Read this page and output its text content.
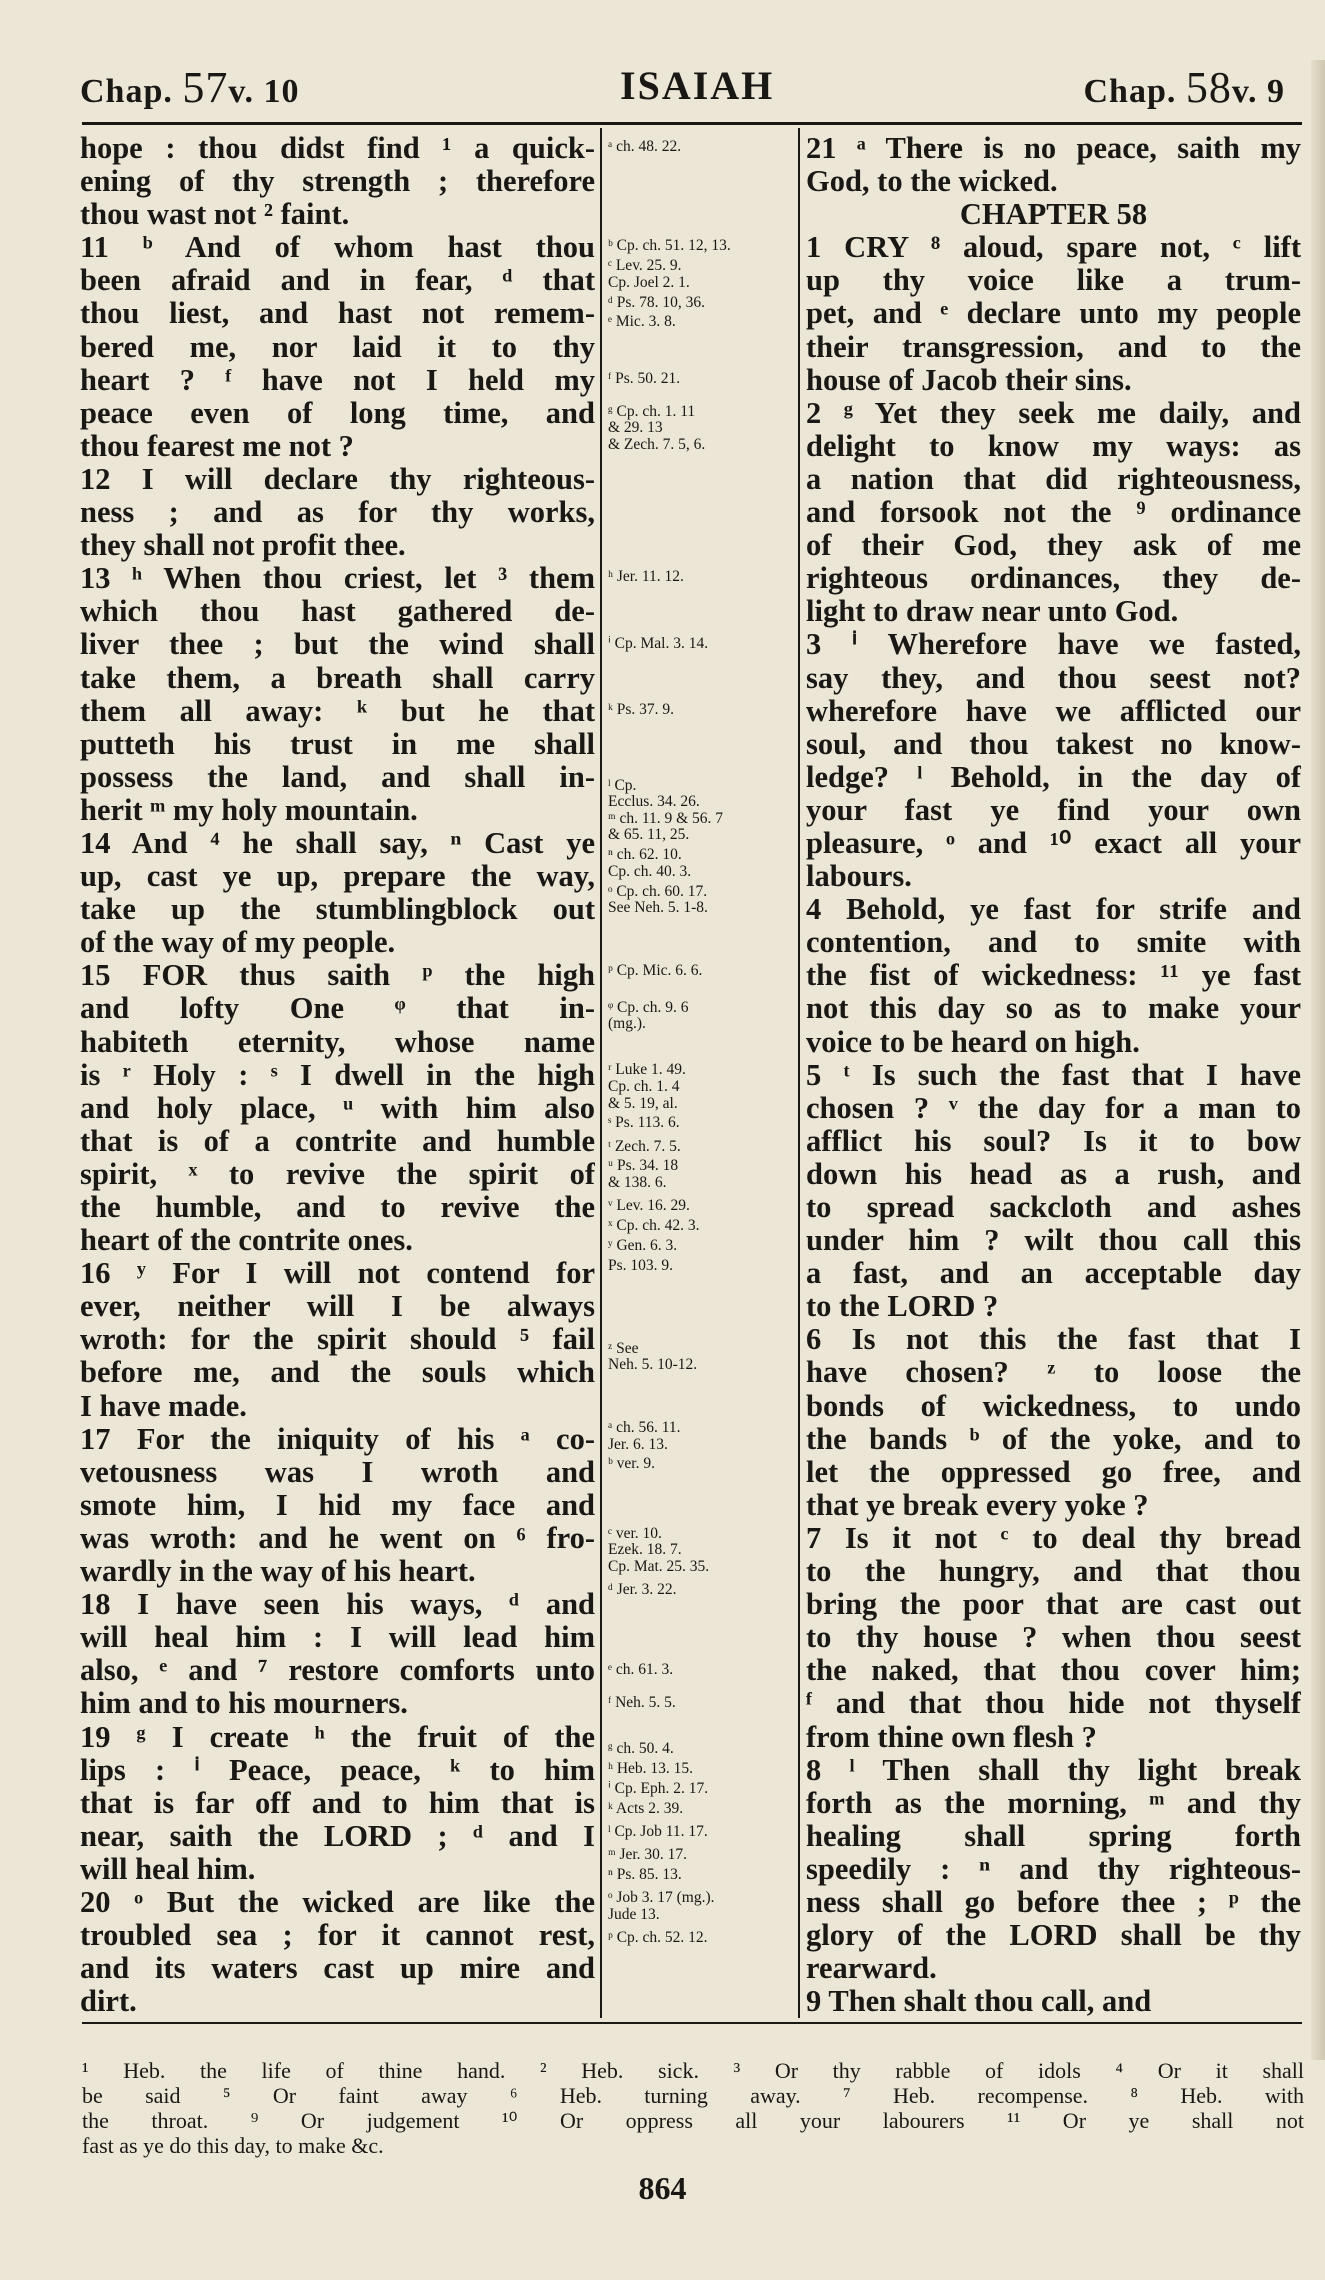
Chap. 57v. 10	ISAIAH	Chap. 58v. 9
hope : thou didst find ¹ a quick-
ening of thy strength ; therefore
thou wast not ² faint.
11 ᵇ And of whom hast thou
been afraid and in fear, ᵈ that
thou liest, and hast not remem-
bered me, nor laid it to thy
heart ? ᶠ have not I held my
peace even of long time, and
thou fearest me not ?
12 I will declare thy righteous-
ness ; and as for thy works,
they shall not profit thee.
13 ʰ When thou criest, let ³ them
which thou hast gathered de-
liver thee ; but the wind shall
take them, a breath shall carry
them all away: ᵏ but he that
putteth his trust in me shall
possess the land, and shall in-
herit ᵐ my holy mountain.
14 And ⁴ he shall say, ⁿ Cast ye
up, cast ye up, prepare the way,
take up the stumblingblock out
of the way of my people.
15 FOR thus saith ᵖ the high
and lofty One ᵠ that in-
habiteth eternity, whose name
is ʳ Holy : ˢ I dwell in the high
and holy place, ᵘ with him also
that is of a contrite and humble
spirit, ˣ to revive the spirit of
the humble, and to revive the
heart of the contrite ones.
16 ʸ For I will not contend for
ever, neither will I be always
wroth: for the spirit should ⁵ fail
before me, and the souls which
I have made.
17 For the iniquity of his ᵃ co-
vetousness was I wroth and
smote him, I hid my face and
was wroth: and he went on ⁶ fro-
wardly in the way of his heart.
18 I have seen his ways, ᵈ and
will heal him : I will lead him
also, ᵉ and ⁷ restore comforts unto
him and to his mourners.
19 ᵍ I create ʰ the fruit of the
lips : ⁱ Peace, peace, ᵏ to him
that is far off and to him that is
near, saith the LORD ; ᵈ and I
will heal him.
20 ᵒ But the wicked are like the
troubled sea ; for it cannot rest,
and its waters cast up mire and
dirt.
ᵃ ch. 48. 22.
ᵇ Cp. ch. 51. 12, 13.
ᶜ Lev. 25. 9.
Cp. Joel 2. 1.
ᵈ Ps. 78. 10, 36.
ᵉ Mic. 3. 8.
ᶠ Ps. 50. 21.
ᵍ Cp. ch. 1. 11
& 29. 13
& Zech. 7. 5, 6.
ʰ Jer. 11. 12.
ⁱ Cp. Mal. 3. 14.
ᵏ Ps. 37. 9.
ˡ Cp.
Ecclus. 34. 26.
ᵐ ch. 11. 9 & 56. 7
& 65. 11, 25.
ⁿ ch. 62. 10.
Cp. ch. 40. 3.
ᵒ Cp. ch. 60. 17.
See Neh. 5. 1-8.
ᵖ Cp. Mic. 6. 6.
ᵠ Cp. ch. 9. 6
(mg.).
ʳ Luke 1. 49.
Cp. ch. 1. 4
& 5. 19, al.
ˢ Ps. 113. 6.
ᵗ Zech. 7. 5.
ᵘ Ps. 34. 18
& 138. 6.
ᵛ Lev. 16. 29.
ˣ Cp. ch. 42. 3.
ʸ Gen. 6. 3.
Ps. 103. 9.
ᶻ See
Neh. 5. 10-12.
ᵃ ch. 56. 11.
Jer. 6. 13.
ᵇ ver. 9.
ᶜ ver. 10.
Ezek. 18. 7.
Cp. Mat. 25. 35.
ᵈ Jer. 3. 22.
ᵉ ch. 61. 3.
ᶠ Neh. 5. 5.
ᵍ ch. 50. 4.
ʰ Heb. 13. 15.
ⁱ Cp. Eph. 2. 17.
ᵏ Acts 2. 39.
ˡ Cp. Job 11. 17.
ᵐ Jer. 30. 17.
ⁿ Ps. 85. 13.
ᵒ Job 3. 17 (mg.).
Jude 13.
ᵖ Cp. ch. 52. 12.
21 ᵃ There is no peace, saith my
God, to the wicked.
CHAPTER 58
1 CRY ⁸ aloud, spare not, ᶜ lift
up thy voice like a trum-
pet, and ᵉ declare unto my people
their transgression, and to the
house of Jacob their sins.
2 ᵍ Yet they seek me daily, and
delight to know my ways: as
a nation that did righteousness,
and forsook not the ⁹ ordinance
of their God, they ask of me
righteous ordinances, they de-
light to draw near unto God.
3 ⁱ Wherefore have we fasted,
say they, and thou seest not?
wherefore have we afflicted our
soul, and thou takest no know-
ledge? ˡ Behold, in the day of
your fast ye find your own
pleasure, ᵒ and ¹⁰ exact all your
labours.
4 Behold, ye fast for strife and
contention, and to smite with
the fist of wickedness: ¹¹ ye fast
not this day so as to make your
voice to be heard on high.
5 ᵗ Is such the fast that I have
chosen ? ᵛ the day for a man to
afflict his soul? Is it to bow
down his head as a rush, and
to spread sackcloth and ashes
under him ? wilt thou call this
a fast, and an acceptable day
to the LORD ?
6 Is not this the fast that I
have chosen? ᶻ to loose the
bonds of wickedness, to undo
the bands ᵇ of the yoke, and to
let the oppressed go free, and
that ye break every yoke ?
7 Is it not ᶜ to deal thy bread
to the hungry, and that thou
bring the poor that are cast out
to thy house ? when thou seest
the naked, that thou cover him;
ᶠ and that thou hide not thyself
from thine own flesh ?
8 ˡ Then shall thy light break
forth as the morning, ᵐ and thy
healing shall spring forth
speedily : ⁿ and thy righteous-
ness shall go before thee ; ᵖ the
glory of the LORD shall be thy
rearward.
9 Then shalt thou call, and
¹ Heb. the life of thine hand. ² Heb. sick. ³ Or thy rabble of idols ⁴ Or it shall
be said ⁵ Or faint away ⁶ Heb. turning away. ⁷ Heb. recompense. ⁸ Heb. with
the throat. ⁹ Or judgement ¹⁰ Or oppress all your labourers ¹¹ Or ye shall not
fast as ye do this day, to make &c.
864
